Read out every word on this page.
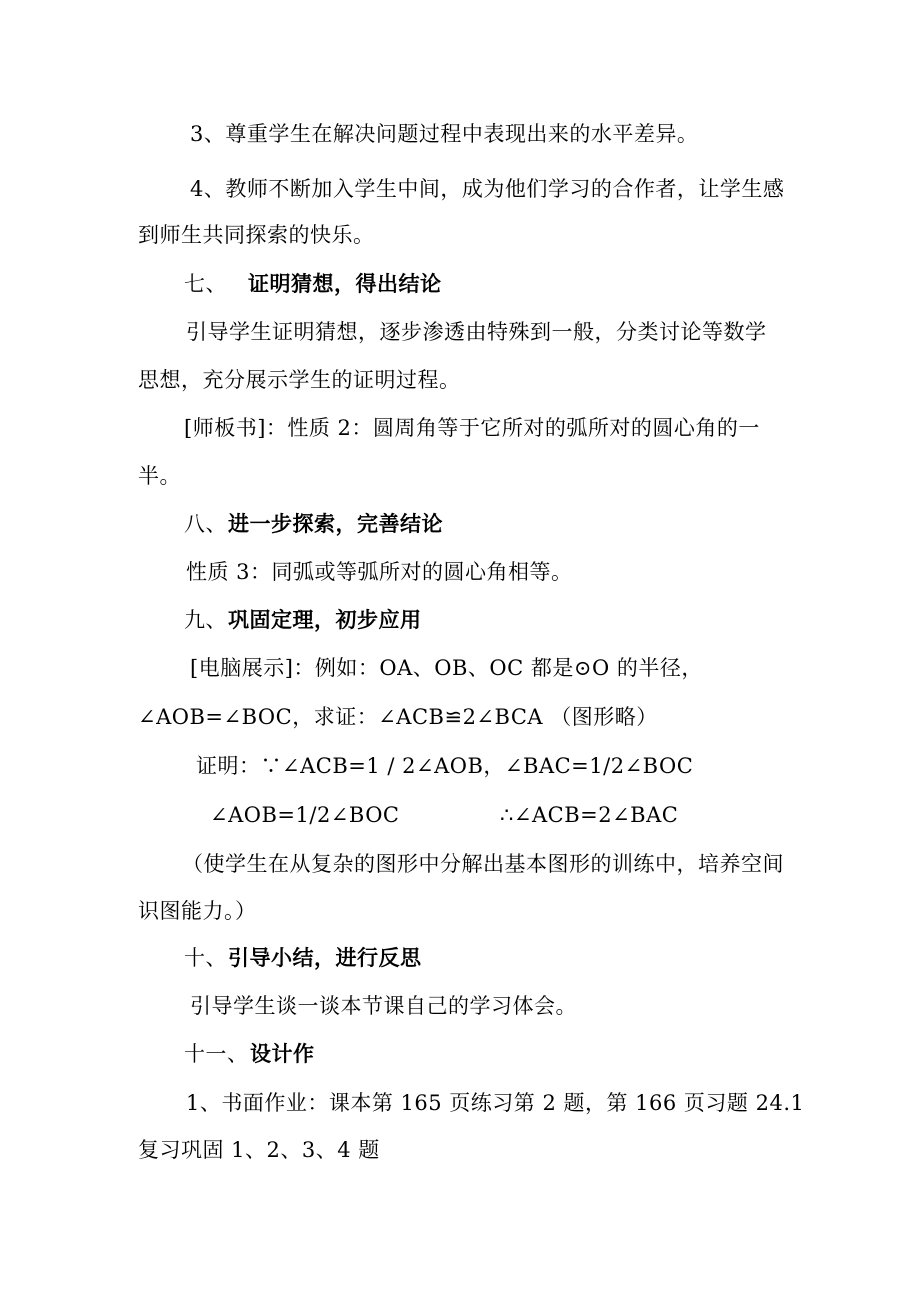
3、尊重学生在解决问题过程中表现出来的水平差异。
4、教师不断加入学生中间，成为他们学习的合作者，让学生感
到师生共同探索的快乐。
七、 证明猜想，得出结论
引导学生证明猜想，逐步渗透由特殊到一般，分类讨论等数学
思想，充分展示学生的证明过程。
[师板书]：性质 2：圆周角等于它所对的弧所对的圆心角的一
半。
八、 进一步探索，完善结论
性质 3：同弧或等弧所对的圆心角相等。
九、 巩固定理，初步应用
[电脑展示]：例如：OA、OB、OC 都是⊙O 的半径，
∠AOB=∠BOC，求证：∠ACB≌2∠BCA （图形略）
证明：∵∠ACB=1 / 2∠AOB，∠BAC=1/2∠BOC
∠AOB=1/2∠BOC	∴∠ACB=2∠BAC
（使学生在从复杂的图形中分解出基本图形的训练中，培养空间
识图能力。）
十、 引导小结，进行反思
引导学生谈一谈本节课自己的学习体会。
十一、 设计作
1、书面作业：课本第 165 页练习第 2 题，第 166 页习题 24.1
复习巩固 1、2、3、4 题
